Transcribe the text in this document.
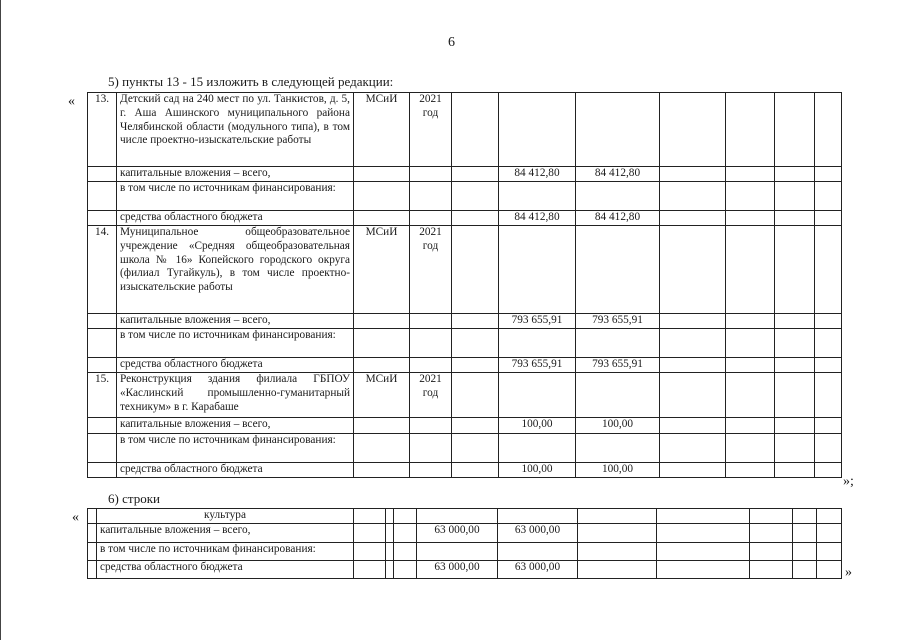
6
5) пункты 13 - 15 изложить в следующей редакции:
« 13.	Детский сад на 240 мест по ул. Танкистов, д. 5, г. Аша Ашинского муниципального района Челябинской области (модульного типа), в том числе проектно-изыскательские работы	МСиИ	2021 год							
	капитальные вложения – всего,				84 412,80	84 412,80				
	в том числе по источникам финансирования:									
	средства областного бюджета				84 412,80	84 412,80				
14.	Муниципальное общеобразовательное учреждение «Средняя общеобразовательная школа № 16» Копейского городского округа (филиал Тугайкуль), в том числе проектно-изыскательские работы	МСиИ	2021 год							
	капитальные вложения – всего,				793 655,91	793 655,91				
	в том числе по источникам финансирования:									
	средства областного бюджета				793 655,91	793 655,91				
15.	Реконструкция здания филиала ГБПОУ «Каслинский промышленно-гуманитарный техникум» в г. Карабаше	МСиИ	2021 год							
	капитальные вложения – всего,				100,00	100,00				
	в том числе по источникам финансирования:									
	средства областного бюджета				100,00	100,00				
»;
6) строки
«
		культура										
	капитальные вложения – всего,				63 000,00	63 000,00					
	в том числе по источникам финансирования:										
	средства областного бюджета				63 000,00	63 000,00						»
